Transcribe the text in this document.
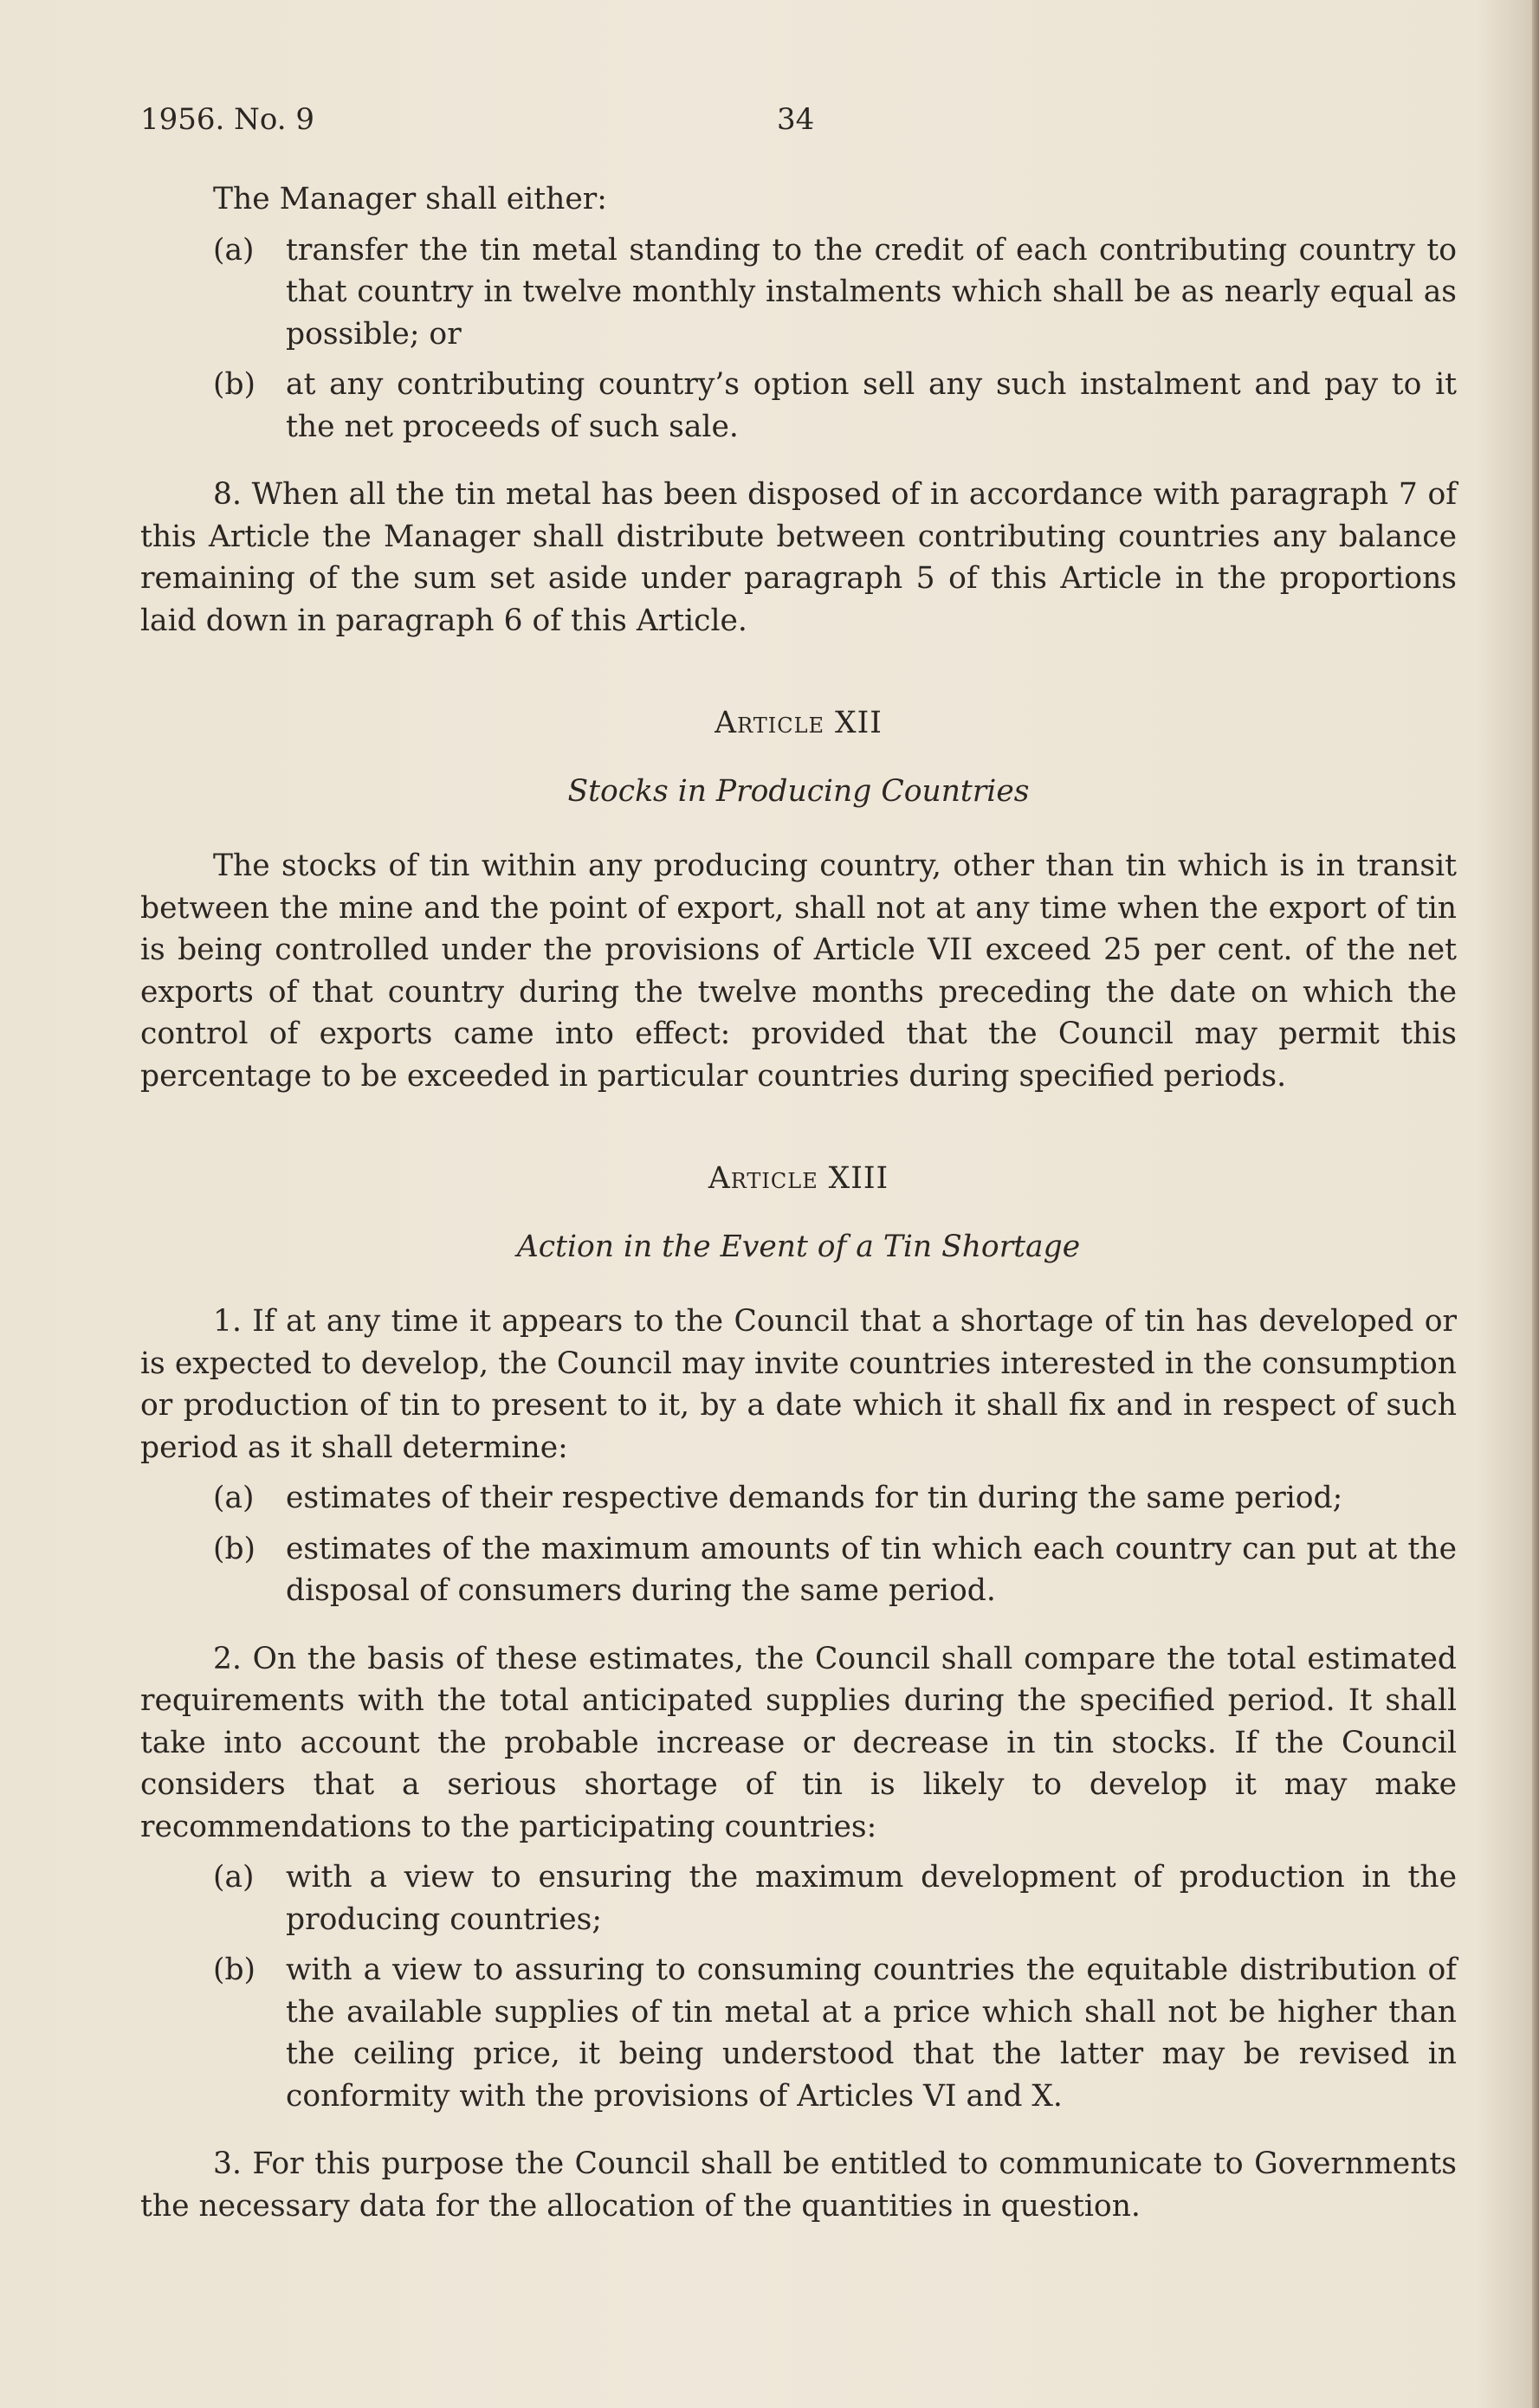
1956. No. 9	34

The Manager shall either:

(a)	transfer the tin metal standing to the credit of each contributing country to that country in twelve monthly instalments which shall be as nearly equal as possible; or
(b)	at any contributing country’s option sell any such instalment and pay to it the net proceeds of such sale.

8. When all the tin metal has been disposed of in accordance with paragraph 7 of this Article the Manager shall distribute between contributing countries any balance remaining of the sum set aside under paragraph 5 of this Article in the proportions laid down in paragraph 6 of this Article.

Article XII
Stocks in Producing Countries

The stocks of tin within any producing country, other than tin which is in transit between the mine and the point of export, shall not at any time when the export of tin is being controlled under the provisions of Article VII exceed 25 per cent. of the net exports of that country during the twelve months preceding the date on which the control of exports came into effect: provided that the Council may permit this percentage to be exceeded in particular countries during specified periods.

Article XIII
Action in the Event of a Tin Shortage

1. If at any time it appears to the Council that a shortage of tin has developed or is expected to develop, the Council may invite countries interested in the consumption or production of tin to present to it, by a date which it shall fix and in respect of such period as it shall determine:

(a)	estimates of their respective demands for tin during the same period;
(b)	estimates of the maximum amounts of tin which each country can put at the disposal of consumers during the same period.

2. On the basis of these estimates, the Council shall compare the total estimated requirements with the total anticipated supplies during the specified period. It shall take into account the probable increase or decrease in tin stocks. If the Council considers that a serious shortage of tin is likely to develop it may make recommendations to the participating countries:

(a)	with a view to ensuring the maximum development of production in the producing countries;
(b)	with a view to assuring to consuming countries the equitable distribution of the available supplies of tin metal at a price which shall not be higher than the ceiling price, it being understood that the latter may be revised in conformity with the provisions of Articles VI and X.

3. For this purpose the Council shall be entitled to communicate to Governments the necessary data for the allocation of the quantities in question.
